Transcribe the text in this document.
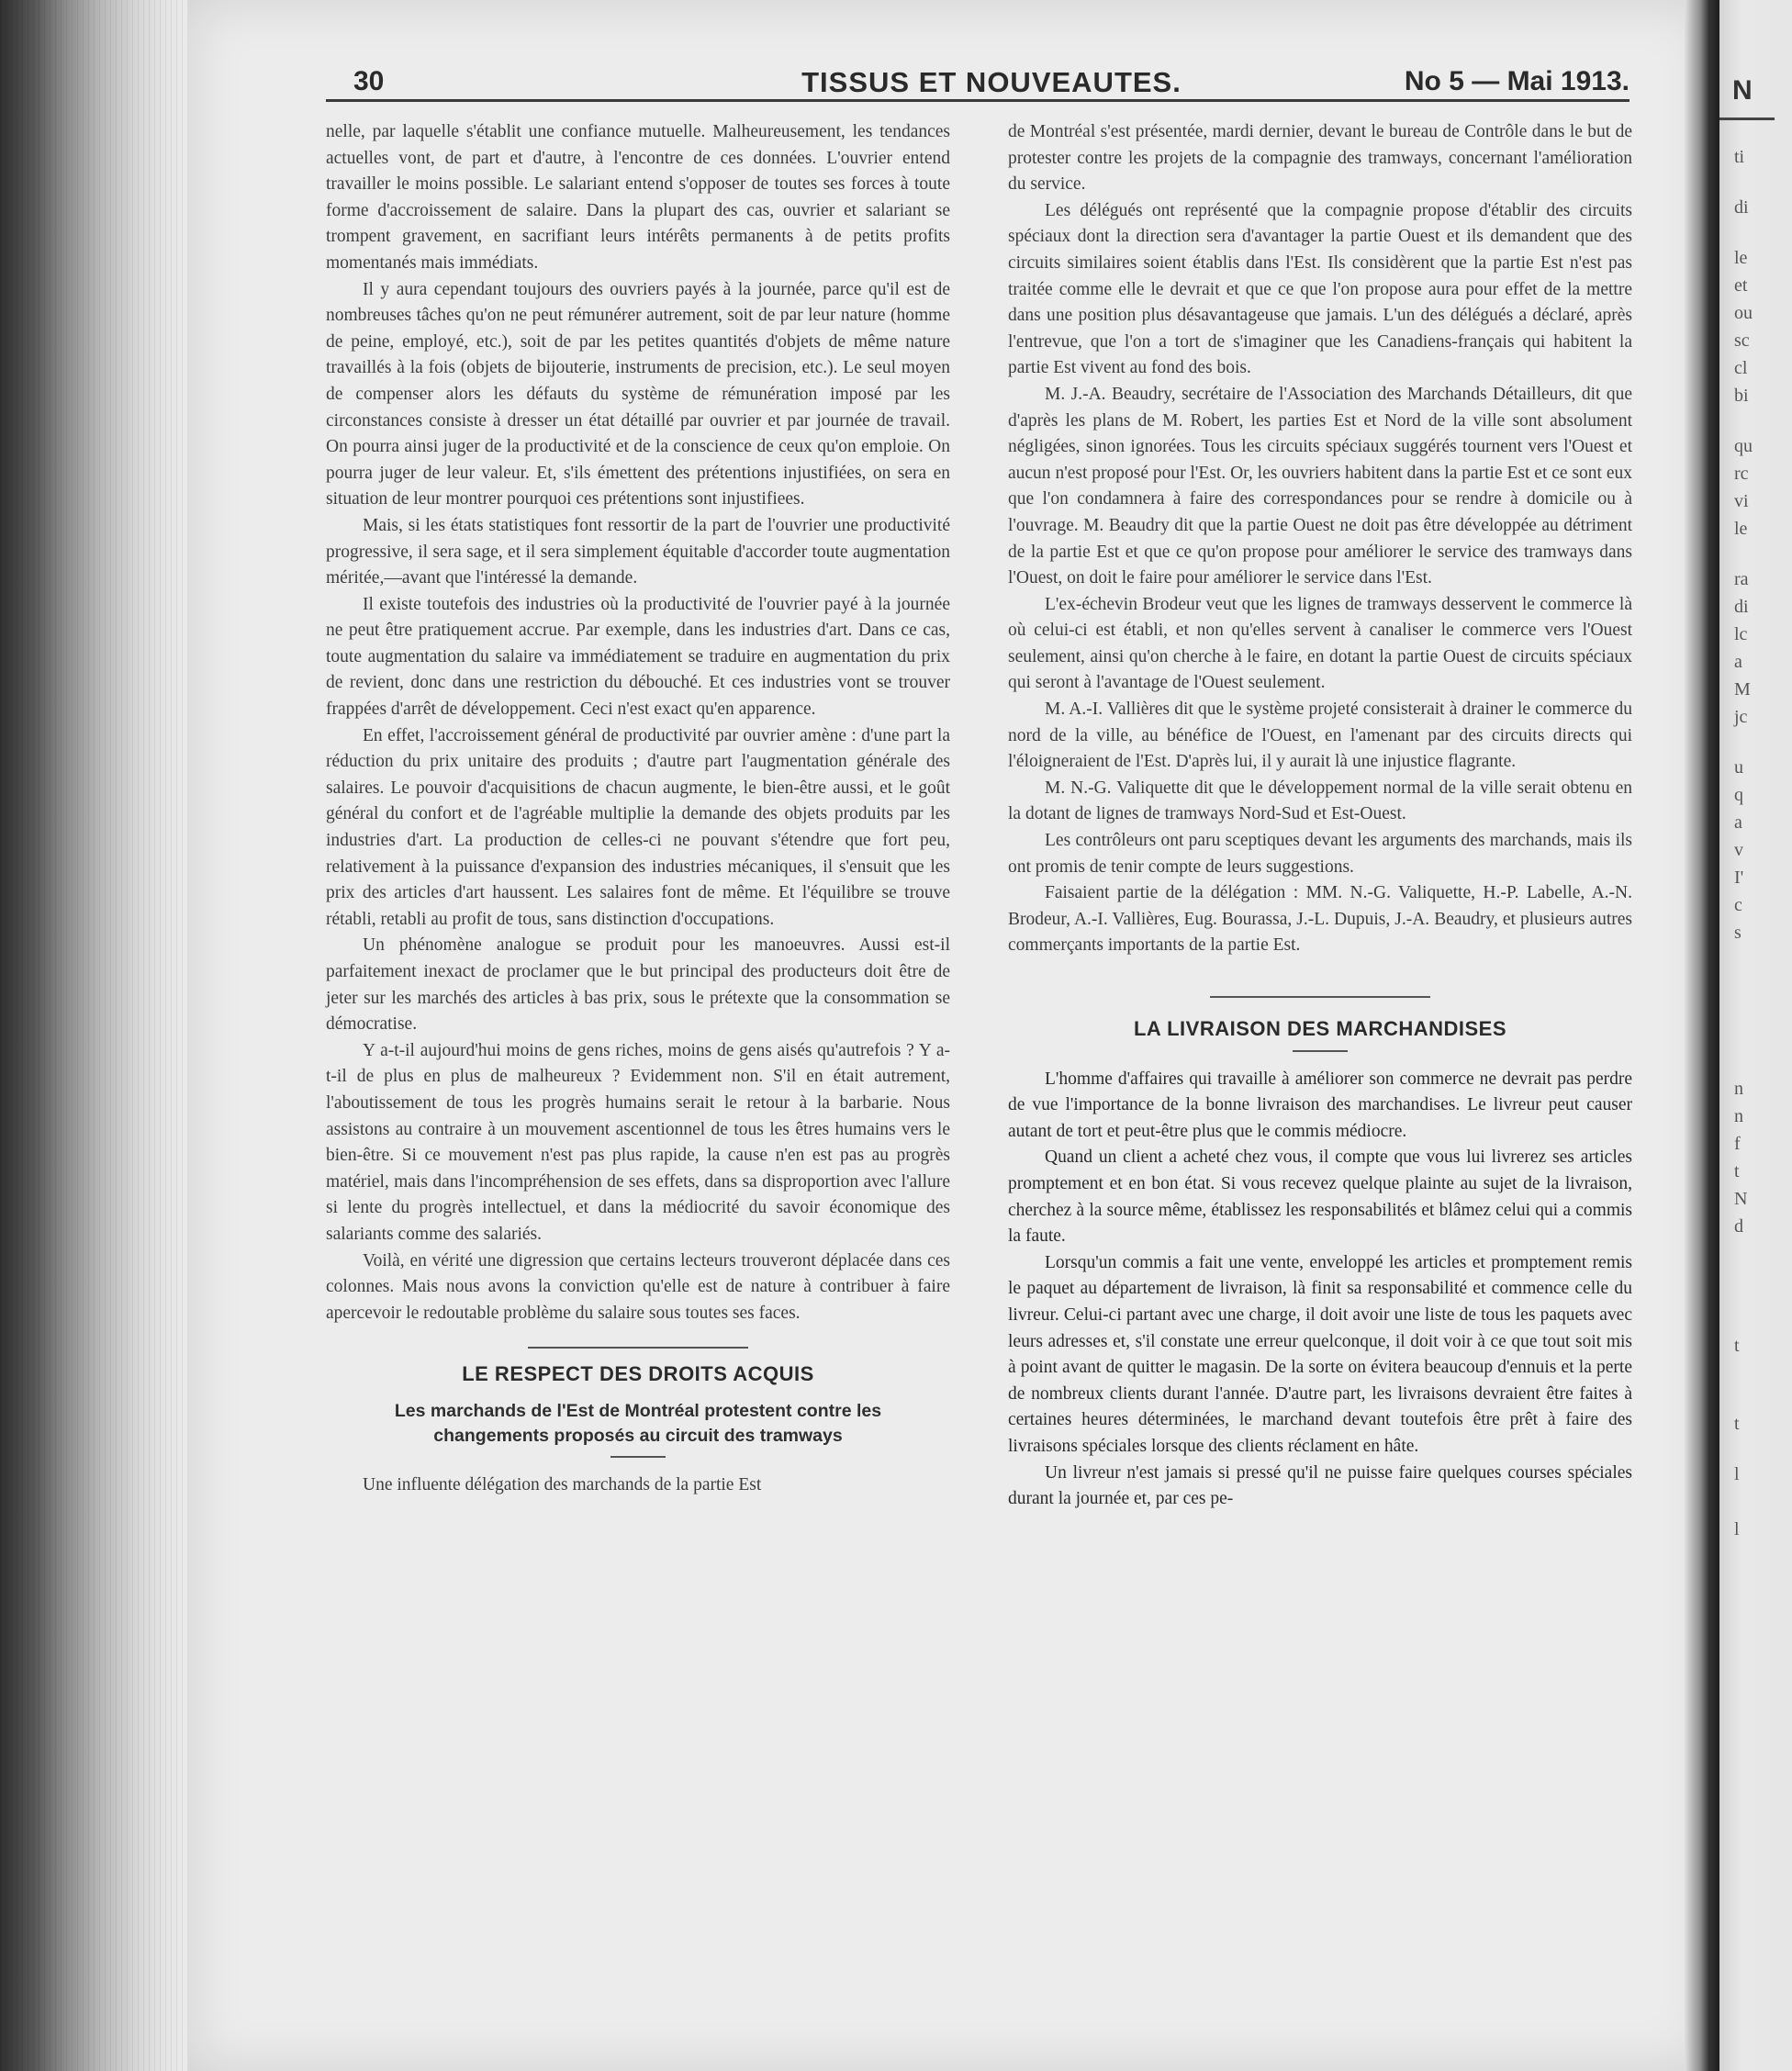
30	TISSUS ET NOUVEAUTES.	No 5 — Mai 1913.

nelle, par laquelle s'établit une confiance mutuelle. Malheureusement, les tendances actuelles vont, de part et d'autre, à l'encontre de ces données. L'ouvrier entend travailler le moins possible. Le salariant entend s'opposer de toutes ses forces à toute forme d'accroissement de salaire. Dans la plupart des cas, ouvrier et salariant se trompent gravement, en sacrifiant leurs intérêts permanents à de petits profits momentanés mais immédiats.

Il y aura cependant toujours des ouvriers payés à la journée, parce qu'il est de nombreuses tâches qu'on ne peut rémunérer autrement, soit de par leur nature (homme de peine, employé, etc.), soit de par les petites quantités d'objets de même nature travaillés à la fois (objets de bijouterie, instruments de precision, etc.). Le seul moyen de compenser alors les défauts du système de rémunération imposé par les circonstances consiste à dresser un état détaillé par ouvrier et par journée de travail. On pourra ainsi juger de la productivité et de la conscience de ceux qu'on emploie. On pourra juger de leur valeur. Et, s'ils émettent des prétentions injustifiées, on sera en situation de leur montrer pourquoi ces prétentions sont injustifiees.

Mais, si les états statistiques font ressortir de la part de l'ouvrier une productivité progressive, il sera sage, et il sera simplement équitable d'accorder toute augmentation méritée,—avant que l'intéressé la demande.

Il existe toutefois des industries où la productivité de l'ouvrier payé à la journée ne peut être pratiquement accrue. Par exemple, dans les industries d'art. Dans ce cas, toute augmentation du salaire va immédiatement se traduire en augmentation du prix de revient, donc dans une restriction du débouché. Et ces industries vont se trouver frappées d'arrêt de développement. Ceci n'est exact qu'en apparence.

En effet, l'accroissement général de productivité par ouvrier amène : d'une part la réduction du prix unitaire des produits ; d'autre part l'augmentation générale des salaires. Le pouvoir d'acquisitions de chacun augmente, le bien-être aussi, et le goût général du confort et de l'agréable multiplie la demande des objets produits par les industries d'art. La production de celles-ci ne pouvant s'étendre que fort peu, relativement à la puissance d'expansion des industries mécaniques, il s'ensuit que les prix des articles d'art haussent. Les salaires font de même. Et l'équilibre se trouve rétabli, retabli au profit de tous, sans distinction d'occupations.

Un phénomène analogue se produit pour les manoeuvres. Aussi est-il parfaitement inexact de proclamer que le but principal des producteurs doit être de jeter sur les marchés des articles à bas prix, sous le prétexte que la consommation se démocratise.

Y a-t-il aujourd'hui moins de gens riches, moins de gens aisés qu'autrefois ? Y a-t-il de plus en plus de malheureux ? Evidemment non. S'il en était autrement, l'aboutissement de tous les progrès humains serait le retour à la barbarie. Nous assistons au contraire à un mouvement ascentionnel de tous les êtres humains vers le bien-être. Si ce mouvement n'est pas plus rapide, la cause n'en est pas au progrès matériel, mais dans l'incompréhension de ses effets, dans sa disproportion avec l'allure si lente du progrès intellectuel, et dans la médiocrité du savoir économique des salariants comme des salariés.

Voilà, en vérité une digression que certains lecteurs trouveront déplacée dans ces colonnes. Mais nous avons la conviction qu'elle est de nature à contribuer à faire apercevoir le redoutable problème du salaire sous toutes ses faces.

LE RESPECT DES DROITS ACQUIS
Les marchands de l'Est de Montréal protestent contre les changements proposés au circuit des tramways

Une influente délégation des marchands de la partie Est

de Montréal s'est présentée, mardi dernier, devant le bureau de Contrôle dans le but de protester contre les projets de la compagnie des tramways, concernant l'amélioration du service.

Les délégués ont représenté que la compagnie propose d'établir des circuits spéciaux dont la direction sera d'avantager la partie Ouest et ils demandent que des circuits similaires soient établis dans l'Est. Ils considèrent que la partie Est n'est pas traitée comme elle le devrait et que ce que l'on propose aura pour effet de la mettre dans une position plus désavantageuse que jamais. L'un des délégués a déclaré, après l'entrevue, que l'on a tort de s'imaginer que les Canadiens-français qui habitent la partie Est vivent au fond des bois.

M. J.-A. Beaudry, secrétaire de l'Association des Marchands Détailleurs, dit que d'après les plans de M. Robert, les parties Est et Nord de la ville sont absolument négligées, sinon ignorées. Tous les circuits spéciaux suggérés tournent vers l'Ouest et aucun n'est proposé pour l'Est. Or, les ouvriers habitent dans la partie Est et ce sont eux que l'on condamnera à faire des correspondances pour se rendre à domicile ou à l'ouvrage. M. Beaudry dit que la partie Ouest ne doit pas être développée au détriment de la partie Est et que ce qu'on propose pour améliorer le service des tramways dans l'Ouest, on doit le faire pour améliorer le service dans l'Est.

L'ex-échevin Brodeur veut que les lignes de tramways desservent le commerce là où celui-ci est établi, et non qu'elles servent à canaliser le commerce vers l'Ouest seulement, ainsi qu'on cherche à le faire, en dotant la partie Ouest de circuits spéciaux qui seront à l'avantage de l'Ouest seulement.

M. A.-I. Vallières dit que le système projeté consisterait à drainer le commerce du nord de la ville, au bénéfice de l'Ouest, en l'amenant par des circuits directs qui l'éloigneraient de l'Est. D'après lui, il y aurait là une injustice flagrante.

M. N.-G. Valiquette dit que le développement normal de la ville serait obtenu en la dotant de lignes de tramways Nord-Sud et Est-Ouest.

Les contrôleurs ont paru sceptiques devant les arguments des marchands, mais ils ont promis de tenir compte de leurs suggestions.

Faisaient partie de la délégation : MM. N.-G. Valiquette, H.-P. Labelle, A.-N. Brodeur, A.-I. Vallières, Eug. Bourassa, J.-L. Dupuis, J.-A. Beaudry, et plusieurs autres commerçants importants de la partie Est.

LA LIVRAISON DES MARCHANDISES

L'homme d'affaires qui travaille à améliorer son commerce ne devrait pas perdre de vue l'importance de la bonne livraison des marchandises. Le livreur peut causer autant de tort et peut-être plus que le commis médiocre.

Quand un client a acheté chez vous, il compte que vous lui livrerez ses articles promptement et en bon état. Si vous recevez quelque plainte au sujet de la livraison, cherchez à la source même, établissez les responsabilités et blâmez celui qui a commis la faute.

Lorsqu'un commis a fait une vente, enveloppé les articles et promptement remis le paquet au département de livraison, là finit sa responsabilité et commence celle du livreur. Celui-ci partant avec une charge, il doit avoir une liste de tous les paquets avec leurs adresses et, s'il constate une erreur quelconque, il doit voir à ce que tout soit mis à point avant de quitter le magasin. De la sorte on évitera beaucoup d'ennuis et la perte de nombreux clients durant l'année. D'autre part, les livraisons devraient être faites à certaines heures déterminées, le marchand devant toutefois être prêt à faire des livraisons spéciales lorsque des clients réclament en hâte.

Un livreur n'est jamais si pressé qu'il ne puisse faire quelques courses spéciales durant la journée et, par ces pe-

N
ti
di
le
et
ou
sc
cl
bi
qu
rc
vi
le
ra
di
lc
a
M
jc
u
q
a
v
I'
c
s
n
n
f
t
N
d
t
t
l
l
